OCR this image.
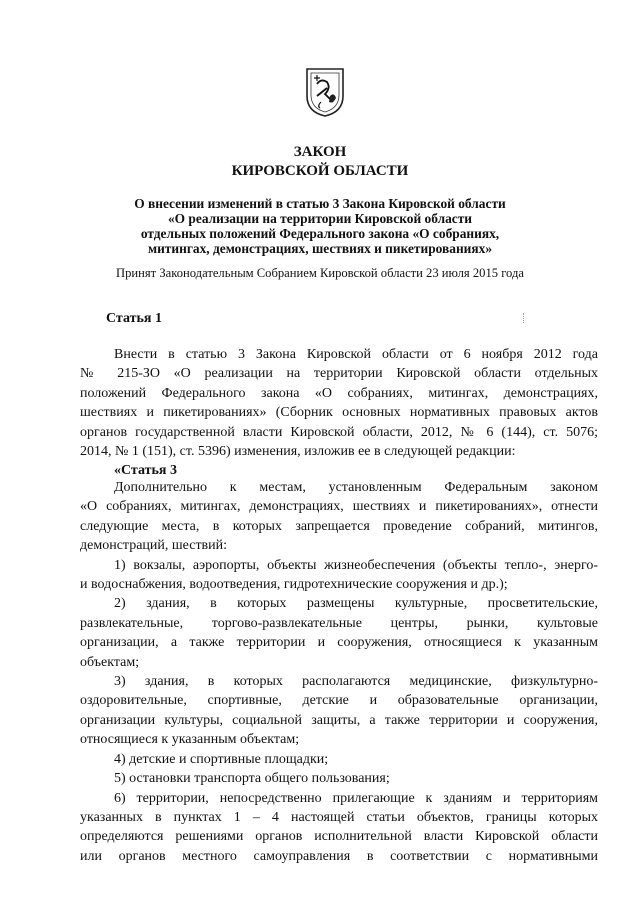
ЗАКОН
КИРОВСКОЙ ОБЛАСТИ
О внесении изменений в статью 3 Закона Кировской области
«О реализации на территории Кировской области
отдельных положений Федерального закона «О собраниях,
митингах, демонстрациях, шествиях и пикетированиях»
Принят Законодательным Собранием Кировской области 23 июля 2015 года
Статья 1
Внести в статью 3 Закона Кировской области от 6 ноября 2012 года
№ 215-ЗО «О реализации на территории Кировской области отдельных
положений Федерального закона «О собраниях, митингах, демонстрациях,
шествиях и пикетированиях» (Сборник основных нормативных правовых актов
органов государственной власти Кировской области, 2012, № 6 (144), ст. 5076;
2014, № 1 (151), ст. 5396) изменения, изложив ее в следующей редакции:
«Статья 3
Дополнительно к местам, установленным Федеральным законом
«О собраниях, митингах, демонстрациях, шествиях и пикетированиях», отнести
следующие места, в которых запрещается проведение собраний, митингов,
демонстраций, шествий:
1) вокзалы, аэропорты, объекты жизнеобеспечения (объекты тепло-, энерго-
и водоснабжения, водоотведения, гидротехнические сооружения и др.);
2) здания, в которых размещены культурные, просветительские,
развлекательные, торгово-развлекательные центры, рынки, культовые
организации, а также территории и сооружения, относящиеся к указанным
объектам;
3) здания, в которых располагаются медицинские, физкультурно-
оздоровительные, спортивные, детские и образовательные организации,
организации культуры, социальной защиты, а также территории и сооружения,
относящиеся к указанным объектам;
4) детские и спортивные площадки;
5) остановки транспорта общего пользования;
6) территории, непосредственно прилегающие к зданиям и территориям
указанных в пунктах 1 – 4 настоящей статьи объектов, границы которых
определяются решениями органов исполнительной власти Кировской области
или органов местного самоуправления в соответствии с нормативными
